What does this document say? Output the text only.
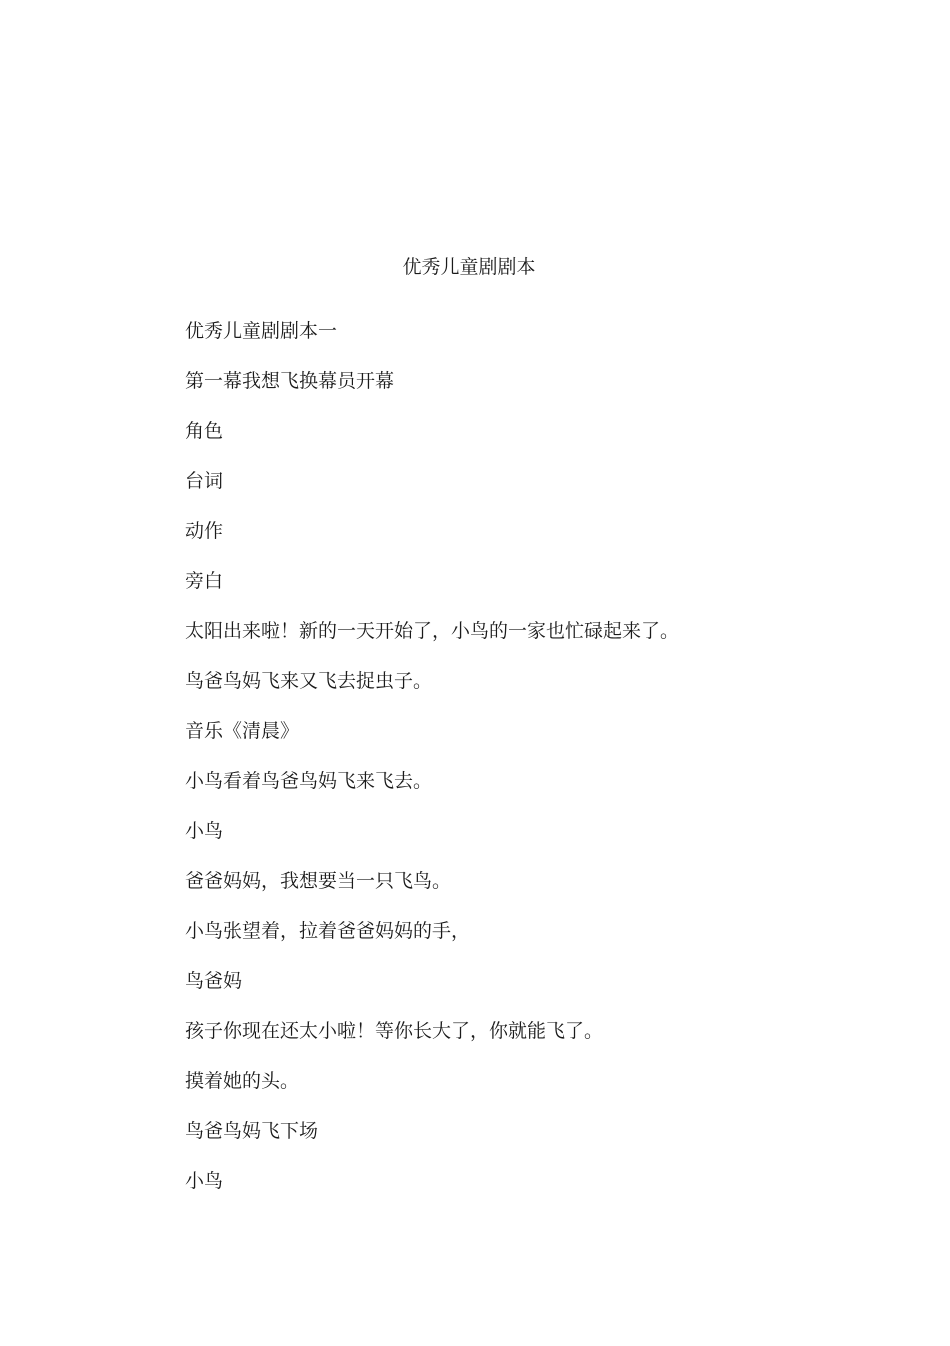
优秀儿童剧剧本
优秀儿童剧剧本一
第一幕我想飞换幕员开幕
角色
台词
动作
旁白
太阳出来啦！新的一天开始了，小鸟的一家也忙碌起来了。
鸟爸鸟妈飞来又飞去捉虫子。
音乐《清晨》
小鸟看着鸟爸鸟妈飞来飞去。
小鸟
爸爸妈妈，我想要当一只飞鸟。
小鸟张望着，拉着爸爸妈妈的手，
鸟爸妈
孩子你现在还太小啦！等你长大了，你就能飞了。
摸着她的头。
鸟爸鸟妈飞下场
小鸟
